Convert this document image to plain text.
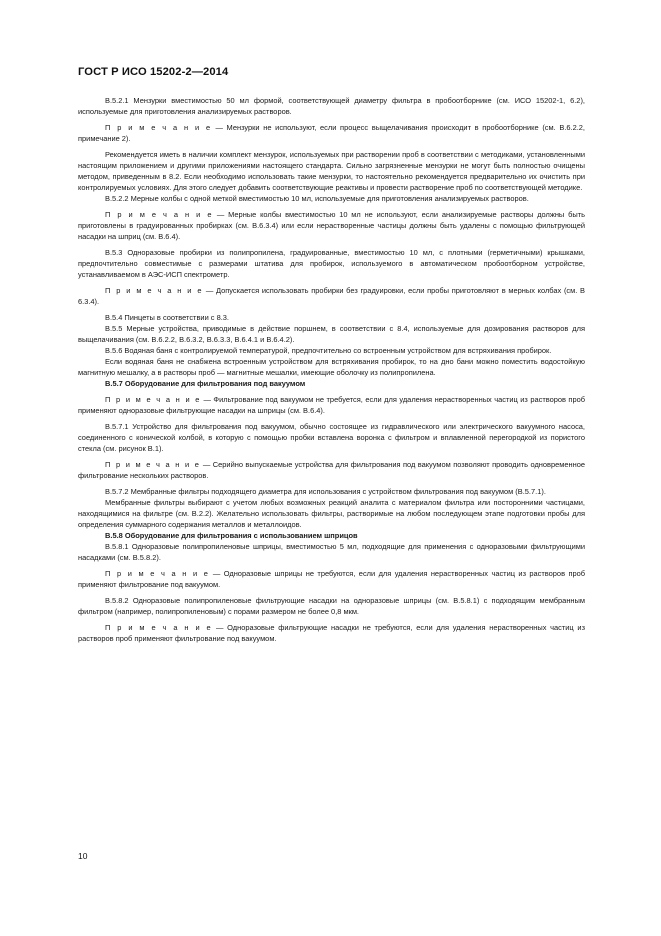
ГОСТ Р ИСО 15202-2—2014

B.5.2.1 Мензурки вместимостью 50 мл формой, соответствующей диаметру фильтра в пробоотборнике (см. ИСО 15202-1, 6.2), используемые для приготовления анализируемых растворов.

П р и м е ч а н и е — Мензурки не используют, если процесс выщелачивания происходит в пробоотборнике (см. B.6.2.2, примечание 2).

Рекомендуется иметь в наличии комплект мензурок, используемых при растворении проб в соответствии с методиками, установленными настоящим приложением и другими приложениями настоящего стандарта. Сильно загрязненные мензурки не могут быть полностью очищены методом, приведенным в 8.2. Если необходимо использовать такие мензурки, то настоятельно рекомендуется предварительно их очистить при контролируемых условиях. Для этого следует добавить соответствующие реактивы и провести растворение проб по соответствующей методике.

B.5.2.2 Мерные колбы с одной меткой вместимостью 10 мл, используемые для приготовления анализируемых растворов.

П р и м е ч а н и е — Мерные колбы вместимостью 10 мл не используют, если анализируемые растворы должны быть приготовлены в градуированных пробирках (см. B.6.3.4) или если нерастворенные частицы должны быть удалены с помощью фильтрующей насадки на шприц (см. B.6.4).

B.5.3 Одноразовые пробирки из полипропилена, градуированные, вместимостью 10 мл, с плотными (герметичными) крышками, предпочтительно совместимые с размерами штатива для пробирок, используемого в автоматическом пробоотборном устройстве, устанавливаемом в АЭС-ИСП спектрометр.

П р и м е ч а н и е — Допускается использовать пробирки без градуировки, если пробы приготовляют в мерных колбах (см. B 6.3.4).

B.5.4 Пинцеты в соответствии с 8.3.

B.5.5 Мерные устройства, приводимые в действие поршнем, в соответствии с 8.4, используемые для дозирования растворов для выщелачивания (см. B.6.2.2, B.6.3.2, B.6.3.3, B.6.4.1 и B.6.4.2).

B.5.6 Водяная баня с контролируемой температурой, предпочтительно со встроенным устройством для встряхивания пробирок.

Если водяная баня не снабжена встроенным устройством для встряхивания пробирок, то на дно бани можно поместить водостойкую магнитную мешалку, а в растворы проб — магнитные мешалки, имеющие оболочку из полипропилена.

B.5.7 Оборудование для фильтрования под вакуумом

П р и м е ч а н и е — Фильтрование под вакуумом не требуется, если для удаления нерастворенных частиц из растворов проб применяют одноразовые фильтрующие насадки на шприцы (см. B.6.4).

B.5.7.1 Устройство для фильтрования под вакуумом, обычно состоящее из гидравлического или электрического вакуумного насоса, соединенного с конической колбой, в которую с помощью пробки вставлена воронка с фильтром и вплавленной перегородкой из пористого стекла (см. рисунок B.1).

П р и м е ч а н и е — Серийно выпускаемые устройства для фильтрования под вакуумом позволяют проводить одновременное фильтрование нескольких растворов.

B.5.7.2 Мембранные фильтры подходящего диаметра для использования с устройством фильтрования под вакуумом (B.5.7.1).

Мембранные фильтры выбирают с учетом любых возможных реакций аналита с материалом фильтра или посторонними частицами, находящимися на фильтре (см. B.2.2). Желательно использовать фильтры, растворимые на любом последующем этапе подготовки пробы для определения суммарного содержания металлов и металлоидов.

B.5.8 Оборудование для фильтрования с использованием шприцов

B.5.8.1 Одноразовые полипропиленовые шприцы, вместимостью 5 мл, подходящие для применения с одноразовыми фильтрующими насадками (см. B.5.8.2).

П р и м е ч а н и е — Одноразовые шприцы не требуются, если для удаления нерастворенных частиц из растворов проб применяют фильтрование под вакуумом.

B.5.8.2 Одноразовые полипропиленовые фильтрующие насадки на одноразовые шприцы (см. B.5.8.1) с подходящим мембранным фильтром (например, полипропиленовым) с порами размером не более 0,8 мкм.

П р и м е ч а н и е — Одноразовые фильтрующие насадки не требуются, если для удаления нерастворенных частиц из растворов проб применяют фильтрование под вакуумом.

10
